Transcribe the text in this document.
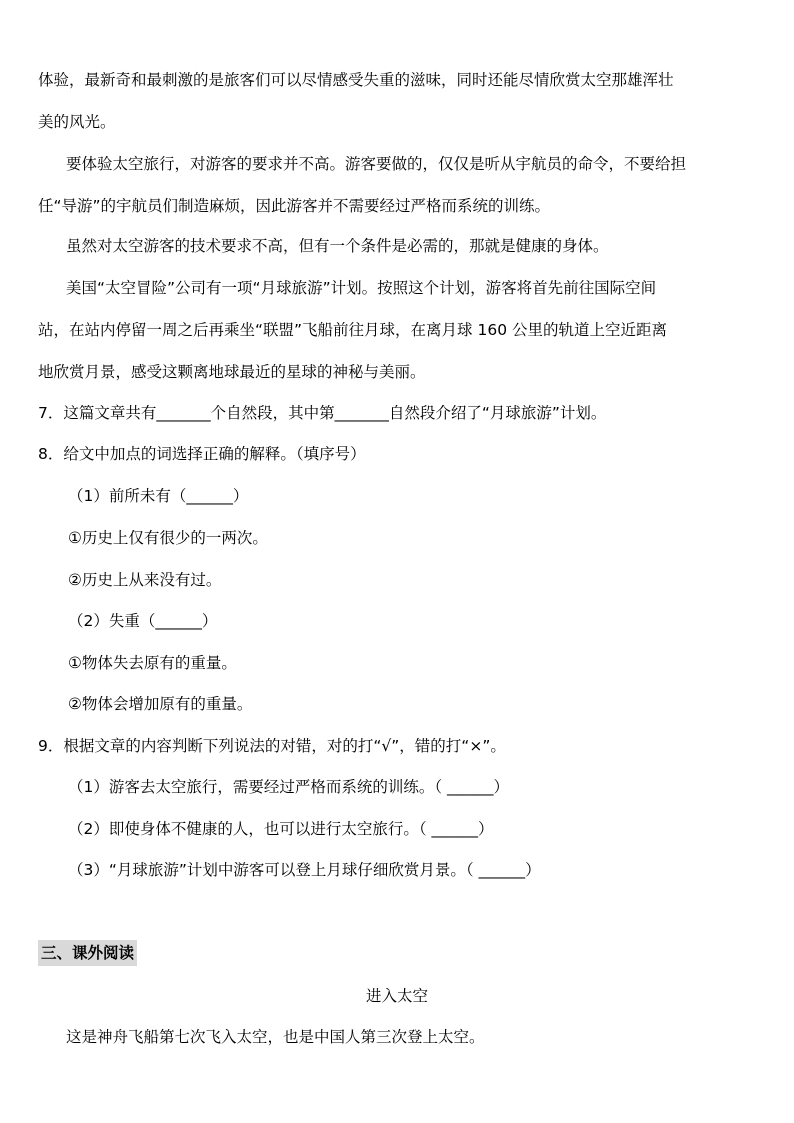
体验，最新奇和最刺激的是旅客们可以尽情感受失重的滋味，同时还能尽情欣赏太空那雄浑壮
美的风光。
要体验太空旅行，对游客的要求并不高。游客要做的，仅仅是听从宇航员的命令，不要给担
任“导游”的宇航员们制造麻烦，因此游客并不需要经过严格而系统的训练。
虽然对太空游客的技术要求不高，但有一个条件是必需的，那就是健康的身体。
美国“太空冒险”公司有一项“月球旅游”计划。按照这个计划，游客将首先前往国际空间
站，在站内停留一周之后再乘坐“联盟”飞船前往月球，在离月球 160 公里的轨道上空近距离
地欣赏月景，感受这颗离地球最近的星球的神秘与美丽。
7．这篇文章共有_______个自然段，其中第_______自然段介绍了“月球旅游”计划。
8．给文中加点的词选择正确的解释。（填序号）
（1）前所未有（______）
①历史上仅有很少的一两次。
②历史上从来没有过。
（2）失重（______）
①物体失去原有的重量。
②物体会增加原有的重量。
9．根据文章的内容判断下列说法的对错，对的打“√”，错的打“×”。
（1）游客去太空旅行，需要经过严格而系统的训练。（ ______）
（2）即使身体不健康的人，也可以进行太空旅行。（ ______）
（3）“月球旅游”计划中游客可以登上月球仔细欣赏月景。（ ______）
三、课外阅读
进入太空
这是神舟飞船第七次飞入太空，也是中国人第三次登上太空。
